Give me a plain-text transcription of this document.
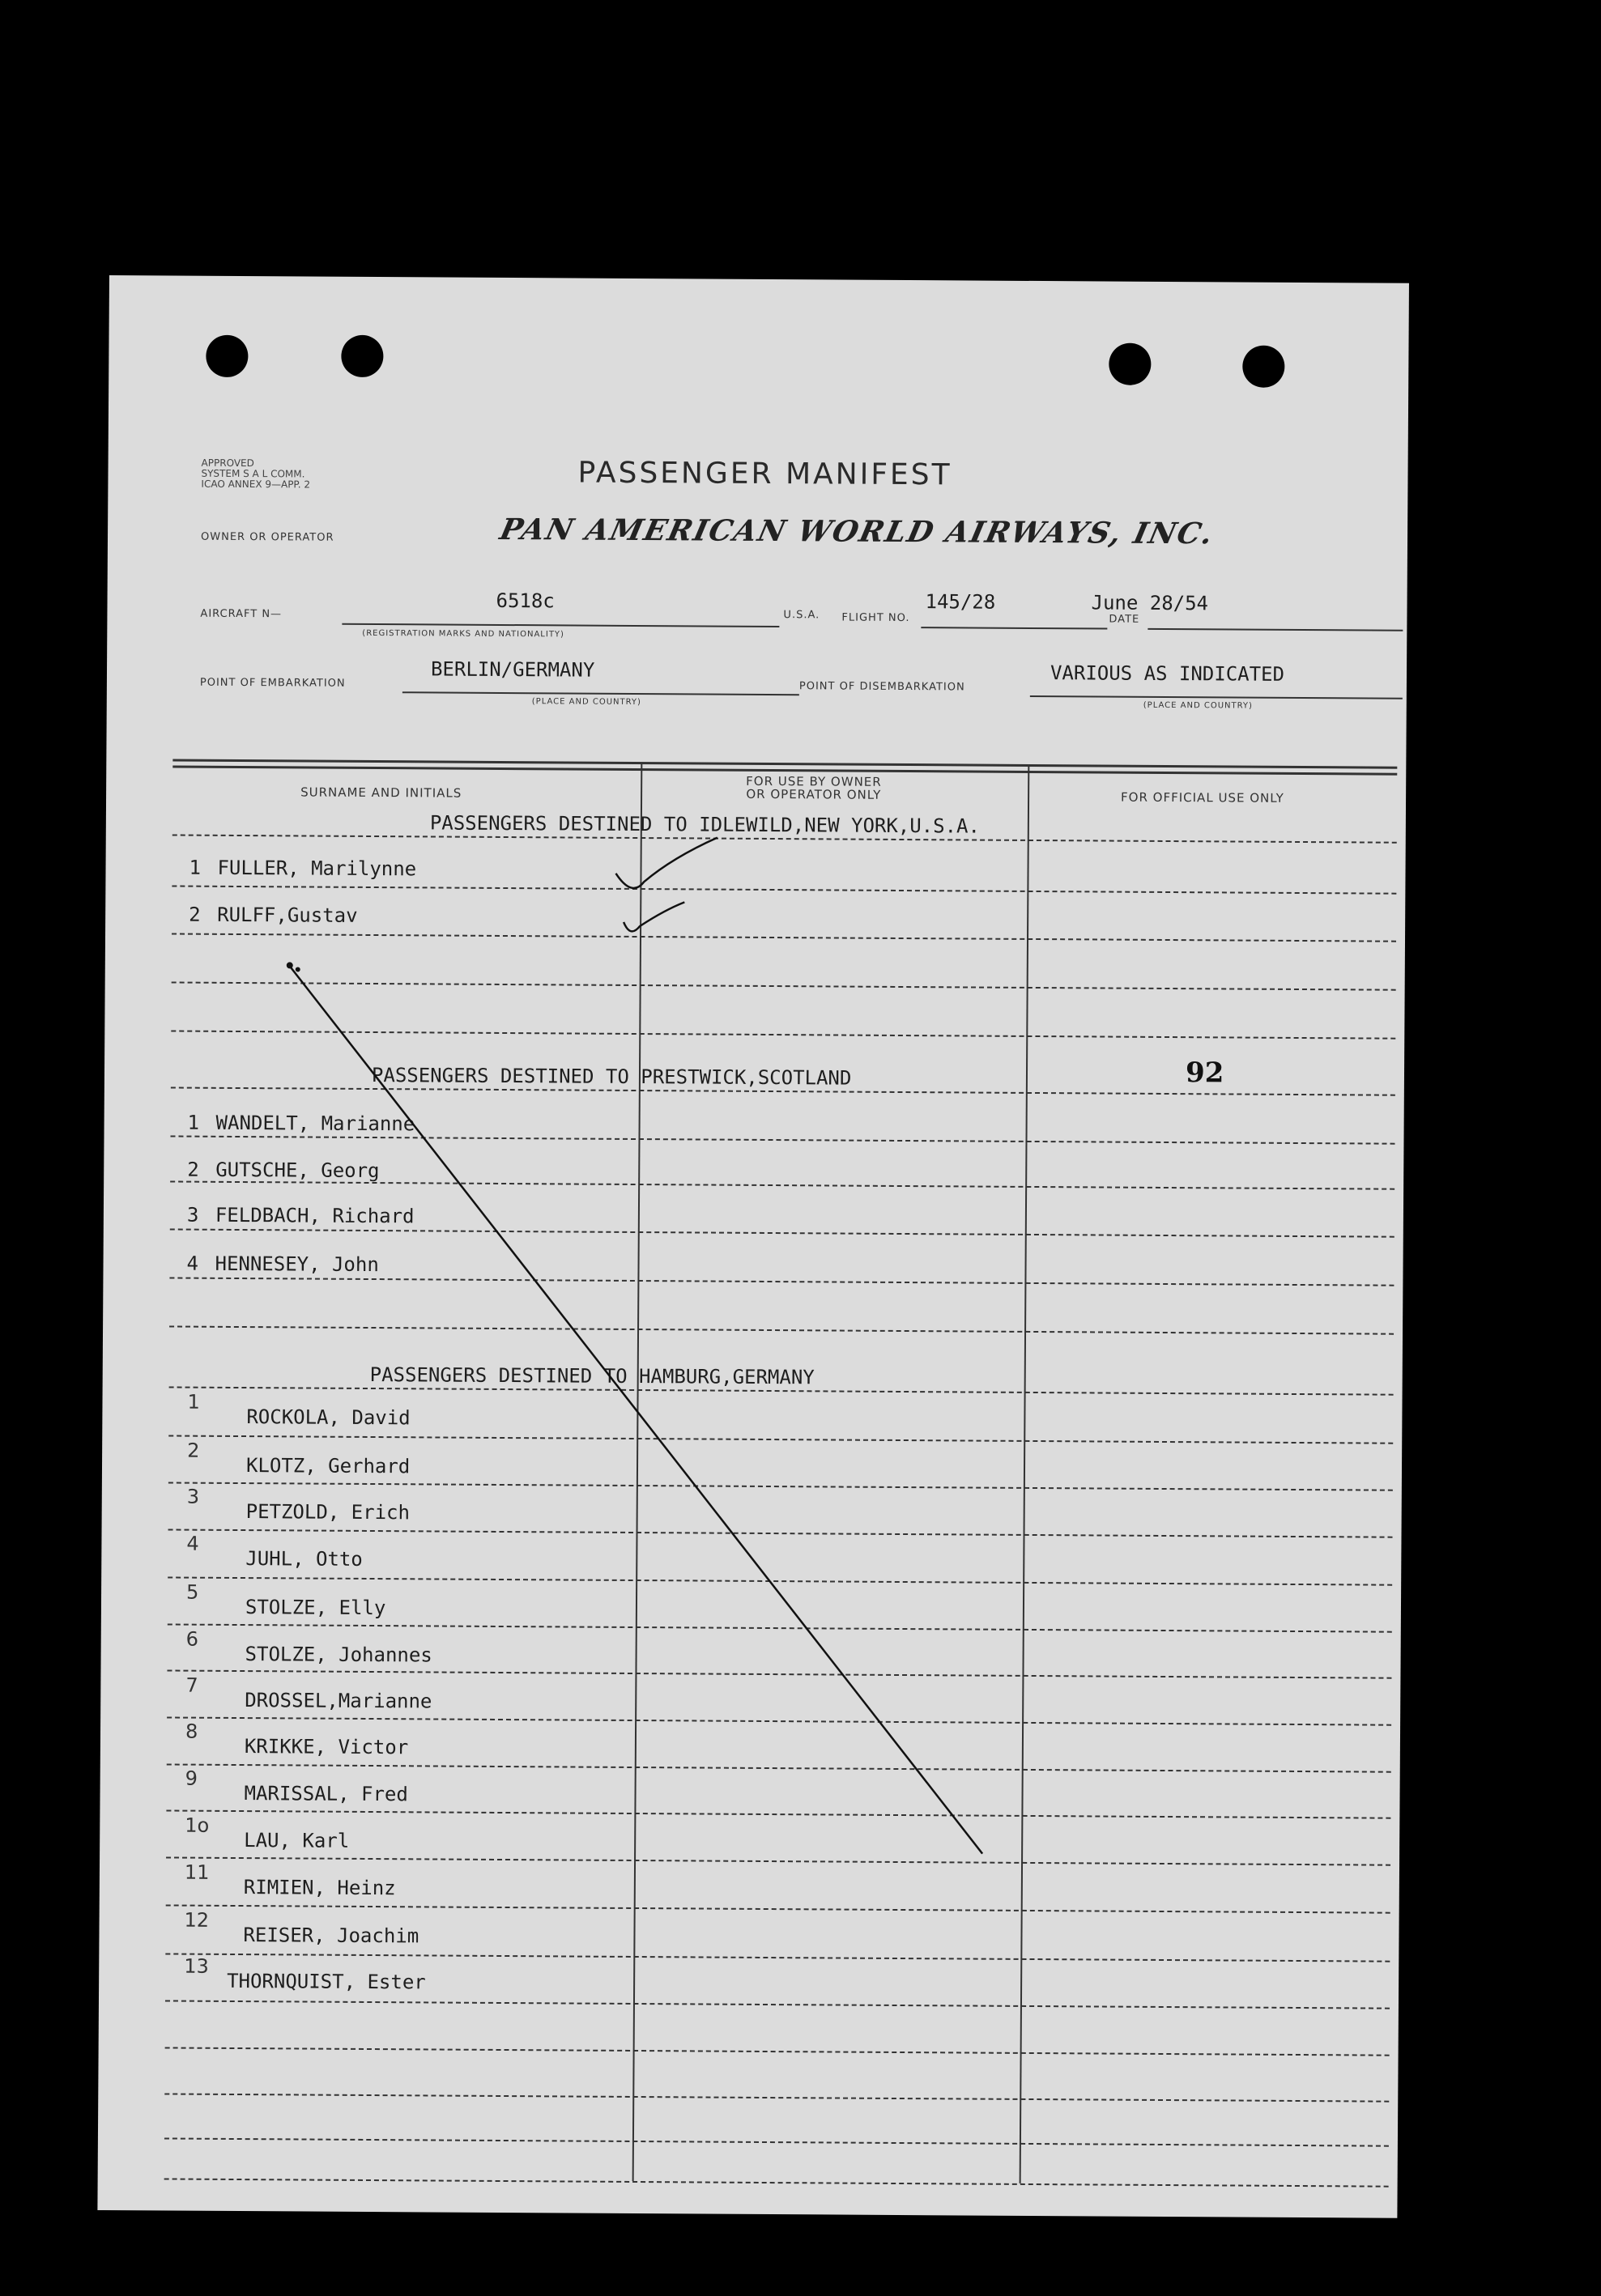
APPROVED
SYSTEM S A L COMM.
ICAO ANNEX 9—APP. 2	PASSENGER MANIFEST
OWNER OR OPERATOR	PAN AMERICAN WORLD AIRWAYS, INC.
AIRCRAFT N—
6518c
(REGISTRATION MARKS AND NATIONALITY)
U.S.A. FLIGHT NO.
145/28
DATE
June 28/54
POINT OF EMBARKATION
BERLIN/GERMANY
(PLACE AND COUNTRY)
POINT OF DISEMBARKATION
VARIOUS AS INDICATED
(PLACE AND COUNTRY)
SURNAME AND INITIALS
FOR USE BY OWNER
OR OPERATOR ONLY	FOR OFFICIAL USE ONLY
PASSENGERS DESTINED TO IDLEWILD,NEW YORK,U.S.A.
1 FULLER, Marilynne
2 RULFF,Gustav
PASSENGERS DESTINED TO PRESTWICK,SCOTLAND
1 WANDELT, Marianne
2 GUTSCHE, Georg
3 FELDBACH, Richard
4 HENNESEY, John
PASSENGERS DESTINED TO HAMBURG,GERMANY
1
ROCKOLA, David
2
KLOTZ, Gerhard
3
PETZOLD, Erich
4
JUHL, Otto
5
STOLZE, Elly
6
STOLZE, Johannes
7
DROSSEL,Marianne
8
KRIKKE, Victor
9
MARISSAL, Fred
1o
LAU, Karl
11
RIMIEN, Heinz
12
REISER, Joachim
13
THORNQUIST, Ester
92
